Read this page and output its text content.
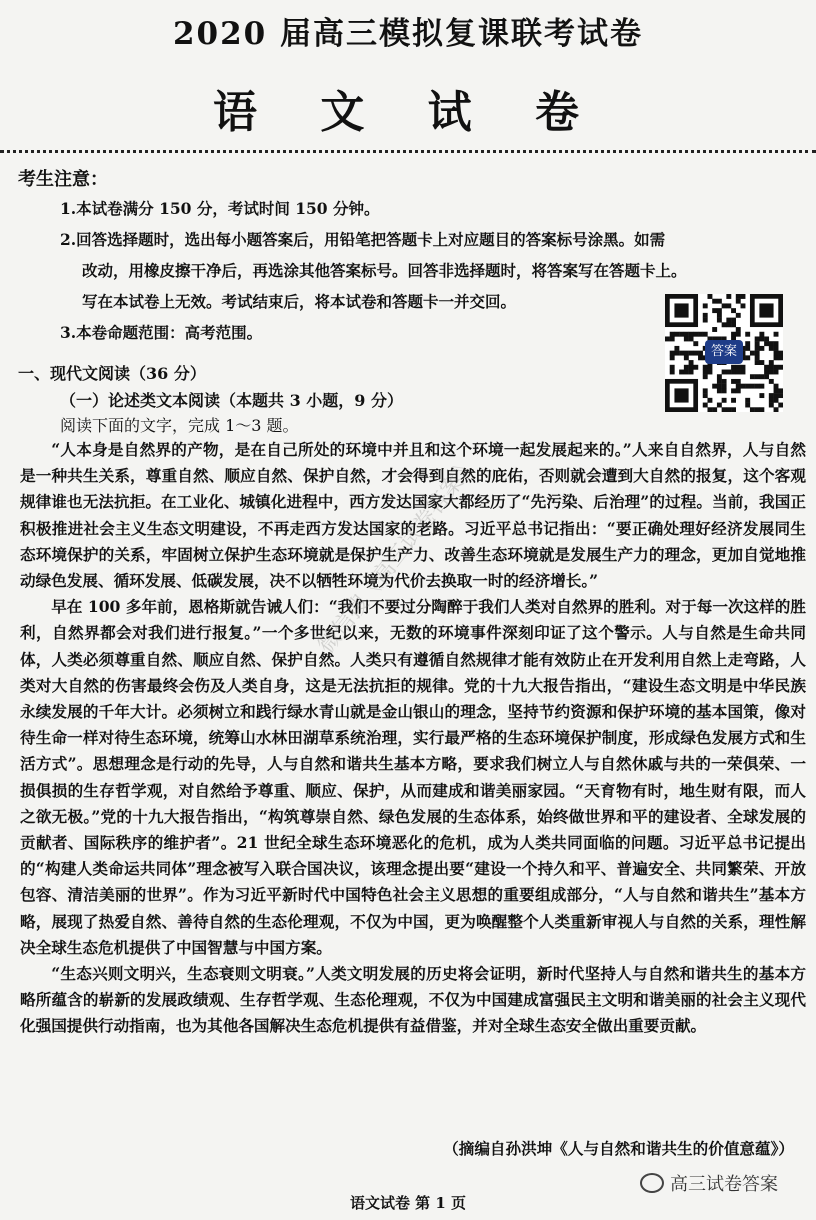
2020 届高三模拟复课联考试卷
语 文 试 卷
考生注意：

1.本试卷满分 150 分，考试时间 150 分钟。

2.回答选择题时，选出每小题答案后，用铅笔把答题卡上对应题目的答案标号涂黑。如需

改动，用橡皮擦干净后，再选涂其他答案标号。回答非选择题时，将答案写在答题卡上。

写在本试卷上无效。考试结束后，将本试卷和答题卡一并交回。

3.本卷命题范围：高考范围。

答案
一、现代文阅读（36 分）
（一）论述类文本阅读（本题共 3 小题，9 分）
阅读下面的文字，完成 1～3 题。

“人本身是自然界的产物，是在自己所处的环境中并且和这个环境一起发展起来的。”人来自自然界，人与自然是一种共生关系，尊重自然、顺应自然、保护自然，才会得到自然的庇佑，否则就会遭到大自然的报复，这个客观规律谁也无法抗拒。在工业化、城镇化进程中，西方发达国家大都经历了“先污染、后治理”的过程。当前，我国正积极推进社会主义生态文明建设，不再走西方发达国家的老路。习近平总书记指出：“要正确处理好经济发展同生态环境保护的关系，牢固树立保护生态环境就是保护生产力、改善生态环境就是发展生产力的理念，更加自觉地推动绿色发展、循环发展、低碳发展，决不以牺牲环境为代价去换取一时的经济增长。”

早在 100 多年前，恩格斯就告诫人们：“我们不要过分陶醉于我们人类对自然界的胜利。对于每一次这样的胜利，自然界都会对我们进行报复。”一个多世纪以来，无数的环境事件深刻印证了这个警示。人与自然是生命共同体，人类必须尊重自然、顺应自然、保护自然。人类只有遵循自然规律才能有效防止在开发利用自然上走弯路，人类对大自然的伤害最终会伤及人类自身，这是无法抗拒的规律。党的十九大报告指出，“建设生态文明是中华民族永续发展的千年大计。必须树立和践行绿水青山就是金山银山的理念，坚持节约资源和保护环境的基本国策，像对待生命一样对待生态环境，统筹山水林田湖草系统治理，实行最严格的生态环境保护制度，形成绿色发展方式和生活方式”。思想理念是行动的先导，人与自然和谐共生基本方略，要求我们树立人与自然休戚与共的一荣俱荣、一损俱损的生存哲学观，对自然给予尊重、顺应、保护，从而建成和谐美丽家园。“天育物有时，地生财有限，而人之欲无极。”党的十九大报告指出，“构筑尊崇自然、绿色发展的生态体系，始终做世界和平的建设者、全球发展的贡献者、国际秩序的维护者”。21 世纪全球生态环境恶化的危机，成为人类共同面临的问题。习近平总书记提出的“构建人类命运共同体”理念被写入联合国决议，该理念提出要“建设一个持久和平、普遍安全、共同繁荣、开放包容、清洁美丽的世界”。作为习近平新时代中国特色社会主义思想的重要组成部分，“人与自然和谐共生”基本方略，展现了热爱自然、善待自然的生态伦理观，不仅为中国，更为唤醒整个人类重新审视人与自然的关系，理性解决全球生态危机提供了中国智慧与中国方案。

“生态兴则文明兴，生态衰则文明衰。”人类文明发展的历史将会证明，新时代坚持人与自然和谐共生的基本方略所蕴含的崭新的发展政绩观、生存哲学观、生态伦理观，不仅为中国建成富强民主文明和谐美丽的社会主义现代化强国提供行动指南，也为其他各国解决生态危机提供有益借鉴，并对全球生态安全做出重要贡献。

（摘编自孙洪坤《人与自然和谐共生的价值意蕴》）
微信搜《高三试卷答案》
高三试卷答案
语文试卷 第 1 页
